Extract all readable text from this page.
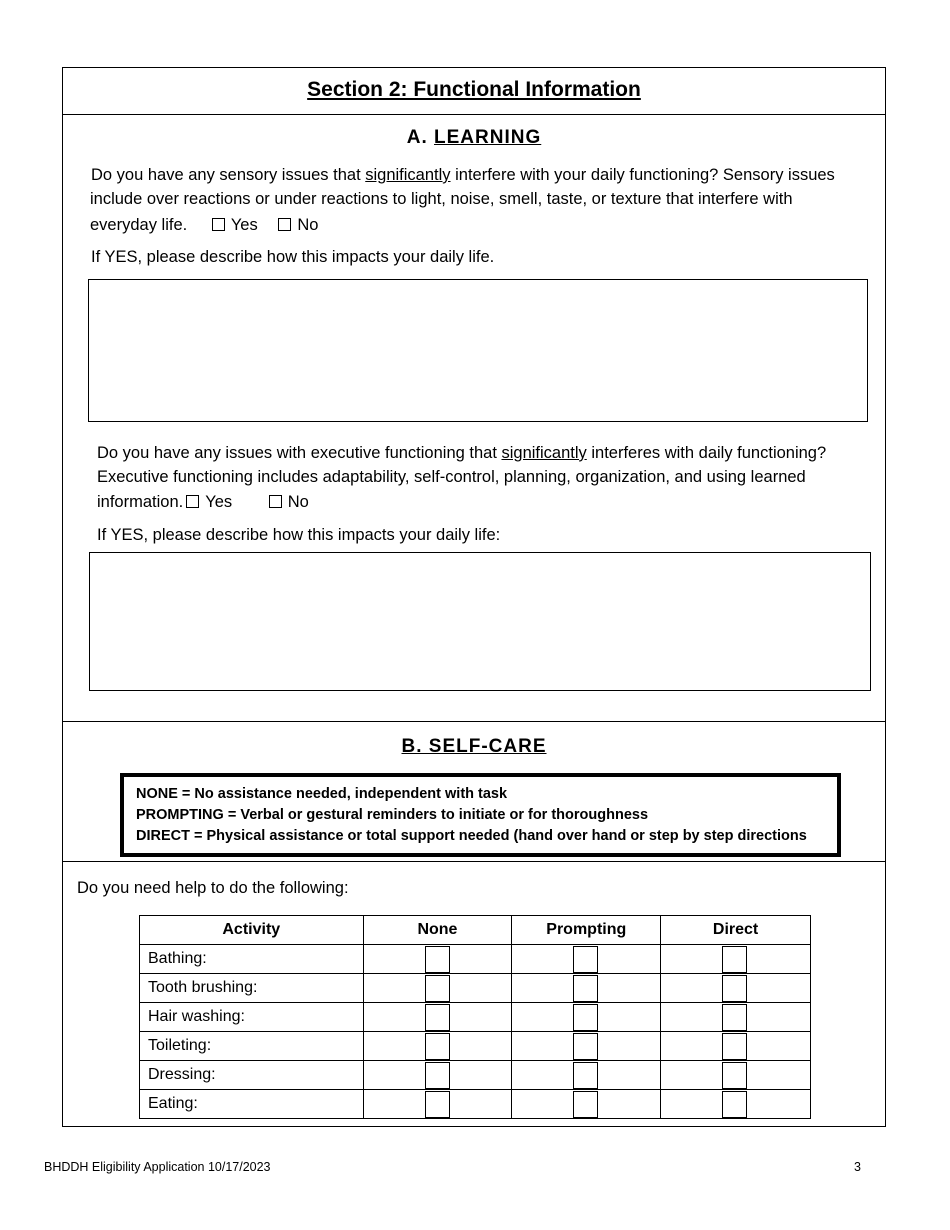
Section 2: Functional Information
A. LEARNING
Do you have any sensory issues that significantly interfere with your daily functioning? Sensory issues
include over reactions or under reactions to light, noise, smell, taste, or texture that interfere with
everyday life.	Yes No
If YES, please describe how this impacts your daily life.
Do you have any issues with executive functioning that significantly interferes with daily functioning?
Executive functioning includes adaptability, self-control, planning, organization, and using learned
information. Yes	No
If YES, please describe how this impacts your daily life:
B. SELF-CARE
NONE = No assistance needed, independent with task
PROMPTING = Verbal or gestural reminders to initiate or for thoroughness
DIRECT = Physical assistance or total support needed (hand over hand or step by step directions
Do you need help to do the following:
Activity	None	Prompting	Direct
Bathing:	

Tooth brushing:	

Hair washing:	

Toileting:	

Dressing:	

Eating:	

BHDDH Eligibility Application 10/17/2023	3
